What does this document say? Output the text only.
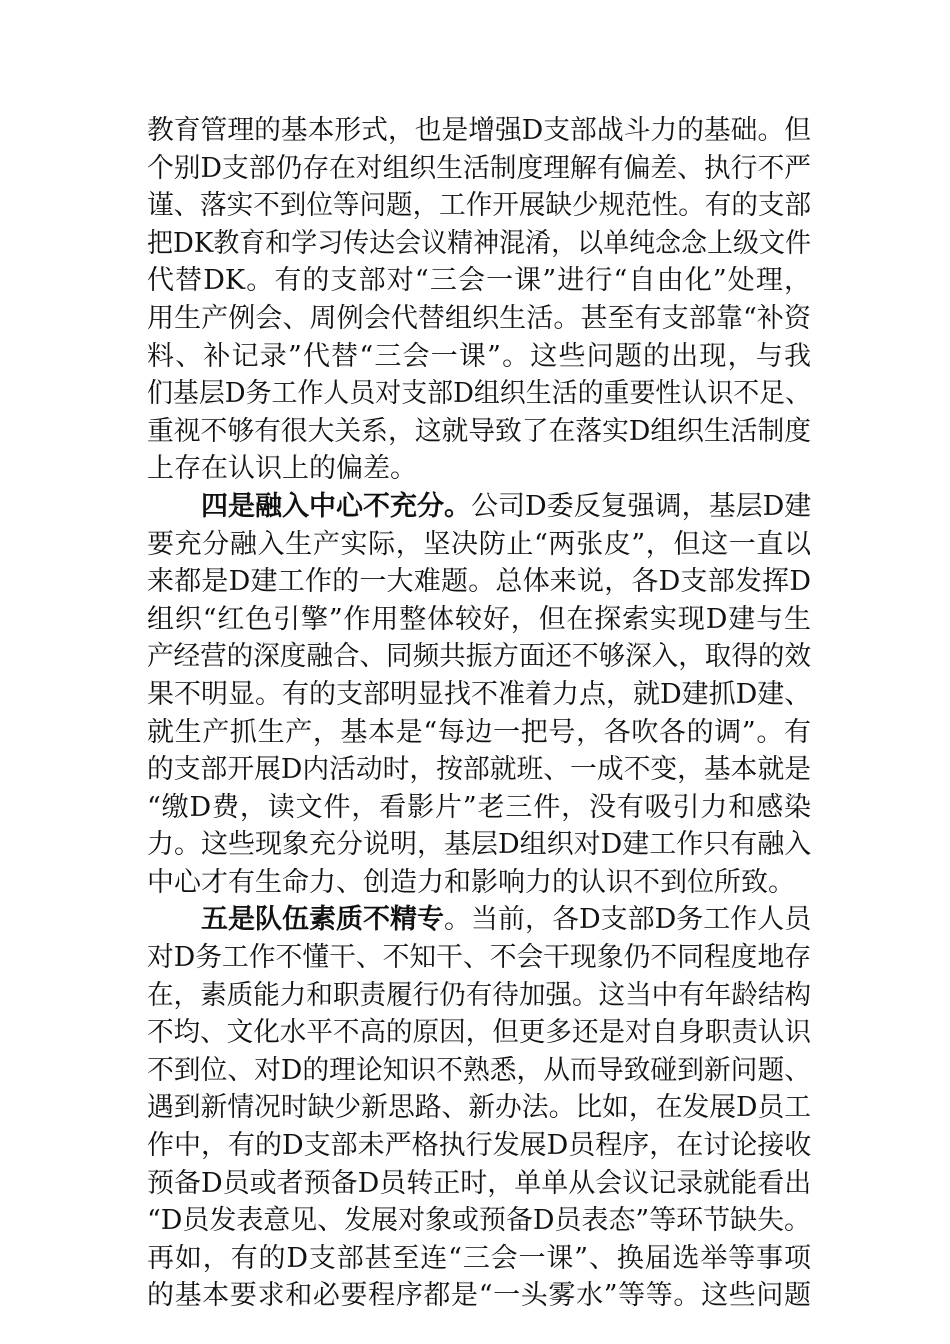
教育管理的基本形式，也是增强D支部战斗力的基础。但
个别D支部仍存在对组织生活制度理解有偏差、执行不严
谨、落实不到位等问题，工作开展缺少规范性。有的支部
把DK教育和学习传达会议精神混淆，以单纯念念上级文件
代替DK。有的支部对“三会一课”进行“自由化”处理，
用生产例会、周例会代替组织生活。甚至有支部靠“补资
料、补记录”代替“三会一课”。这些问题的出现，与我
们基层D务工作人员对支部D组织生活的重要性认识不足、
重视不够有很大关系，这就导致了在落实D组织生活制度
上存在认识上的偏差。
四是融入中心不充分。公司D委反复强调，基层D建
要充分融入生产实际，坚决防止“两张皮”，但这一直以
来都是D建工作的一大难题。总体来说，各D支部发挥D
组织“红色引擎”作用整体较好，但在探索实现D建与生
产经营的深度融合、同频共振方面还不够深入，取得的效
果不明显。有的支部明显找不准着力点，就D建抓D建、
就生产抓生产，基本是“每边一把号，各吹各的调”。有
的支部开展D内活动时，按部就班、一成不变，基本就是
“缴D费，读文件，看影片”老三件，没有吸引力和感染
力。这些现象充分说明，基层D组织对D建工作只有融入
中心才有生命力、创造力和影响力的认识不到位所致。
五是队伍素质不精专。当前，各D支部D务工作人员
对D务工作不懂干、不知干、不会干现象仍不同程度地存
在，素质能力和职责履行仍有待加强。这当中有年龄结构
不均、文化水平不高的原因，但更多还是对自身职责认识
不到位、对D的理论知识不熟悉，从而导致碰到新问题、
遇到新情况时缺少新思路、新办法。比如，在发展D员工
作中，有的D支部未严格执行发展D员程序，在讨论接收
预备D员或者预备D员转正时，单单从会议记录就能看出
“D员发表意见、发展对象或预备D员表态”等环节缺失。
再如，有的D支部甚至连“三会一课”、换届选举等事项
的基本要求和必要程序都是“一头雾水”等等。这些问题
